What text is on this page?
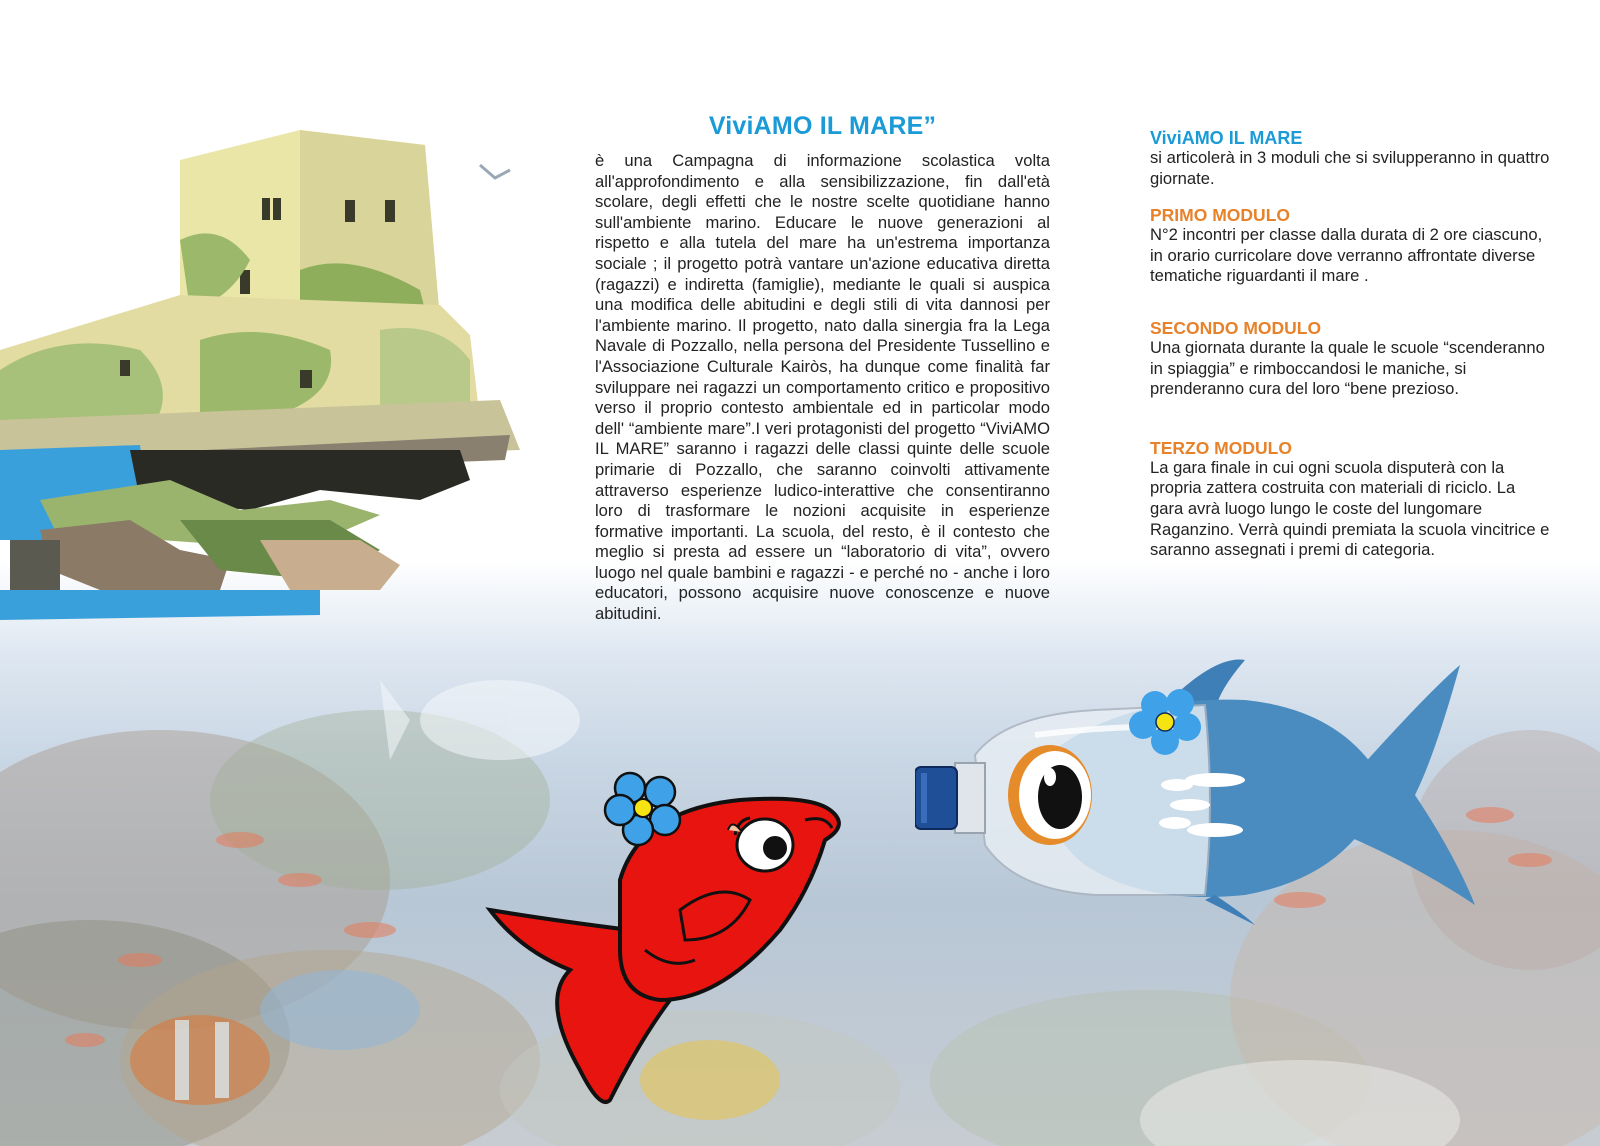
ViviAMO IL MARE”

è una Campagna di informazione scolastica volta all'approfondimento e alla sensibilizzazione, fin dall'età scolare, degli effetti che le nostre scelte quotidiane hanno sull'ambiente marino. Educare le nuove generazioni al rispetto e alla tutela del mare ha un'estrema importanza sociale ; il progetto potrà vantare un'azione educativa diretta (ragazzi) e indiretta (famiglie), mediante le quali si auspica una modifica delle abitudini e degli stili di vita dannosi per l'ambiente marino. Il progetto, nato dalla sinergia fra la Lega Navale di Pozzallo, nella persona del Presidente Tussellino e l'Associazione Culturale Kairòs, ha dunque come finalità far sviluppare nei ragazzi un comportamento critico e propositivo verso il proprio contesto ambientale ed in particolar modo dell' “ambiente mare”.I veri protagonisti del progetto “ViviAMO IL MARE” saranno i ragazzi delle classi quinte delle scuole primarie di Pozzallo, che saranno coinvolti attivamente attraverso esperienze ludico-interattive che consentiranno loro di trasformare le nozioni acquisite in esperienze formative importanti. La scuola, del resto, è il contesto che meglio si presta ad essere un “laboratorio di vita”, ovvero luogo nel quale bambini e ragazzi - e perché no - anche i loro educatori, possono acquisire nuove conoscenze e nuove abitudini.

ViviAMO IL MARE

si articolerà in 3 moduli che si svilupperanno in quattro giornate.

PRIMO MODULO

N°2 incontri per classe dalla durata di 2 ore ciascuno, in orario curricolare dove verranno affrontate diverse tematiche riguardanti il mare .

SECONDO MODULO

Una giornata durante la quale le scuole “scenderanno in spiaggia” e rimboccandosi le maniche, si prenderanno cura del loro “bene prezioso.

TERZO MODULO

La gara finale in cui ogni scuola disputerà con la propria zattera costruita con materiali di riciclo. La gara avrà luogo lungo le coste del lungomare Raganzino. Verrà quindi premiata la scuola vincitrice e saranno assegnati i premi di categoria.
